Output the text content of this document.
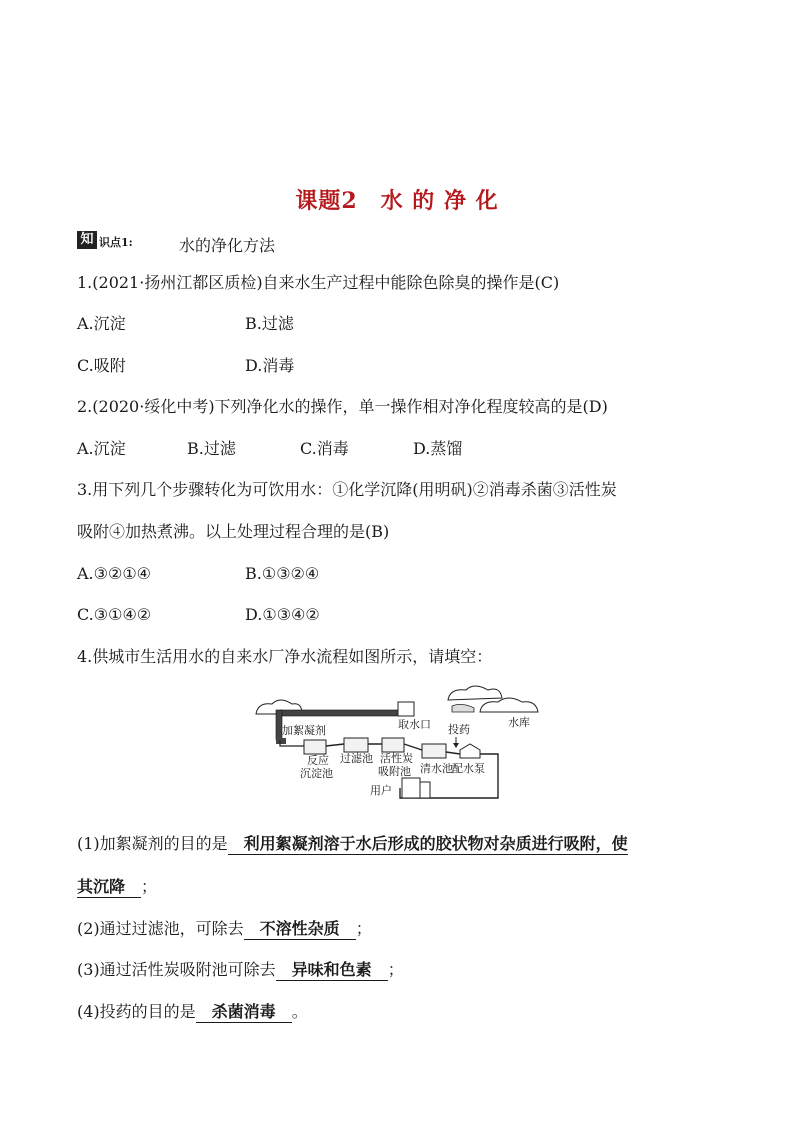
课题2　水 的 净 化
知 识点1:	水的净化方法
1.(2021·扬州江都区质检)自来水生产过程中能除色除臭的操作是(C)
A.沉淀	B.过滤
C.吸附	D.消毒
2.(2020·绥化中考)下列净化水的操作，单一操作相对净化程度较高的是(D)
A.沉淀	B.过滤	C.消毒	D.蒸馏
3.用下列几个步骤转化为可饮用水：①化学沉降(用明矾)②消毒杀菌③活性炭
吸附④加热煮沸。以上处理过程合理的是(B)
A.③②①④	B.①③②④
C.③①④②	D.①③④②
4.供城市生活用水的自来水厂净水流程如图所示，请填空：
取水口 投药
水库
加絮凝剂
反应
沉淀池
过滤池 活性炭
吸附池 清水池 配水泵
用户
(1)加絮凝剂的目的是　利用絮凝剂溶于水后形成的胶状物对杂质进行吸附，使
其沉降　；
(2)通过过滤池，可除去　不溶性杂质　；
(3)通过活性炭吸附池可除去　异味和色素　；
(4)投药的目的是　杀菌消毒　。
